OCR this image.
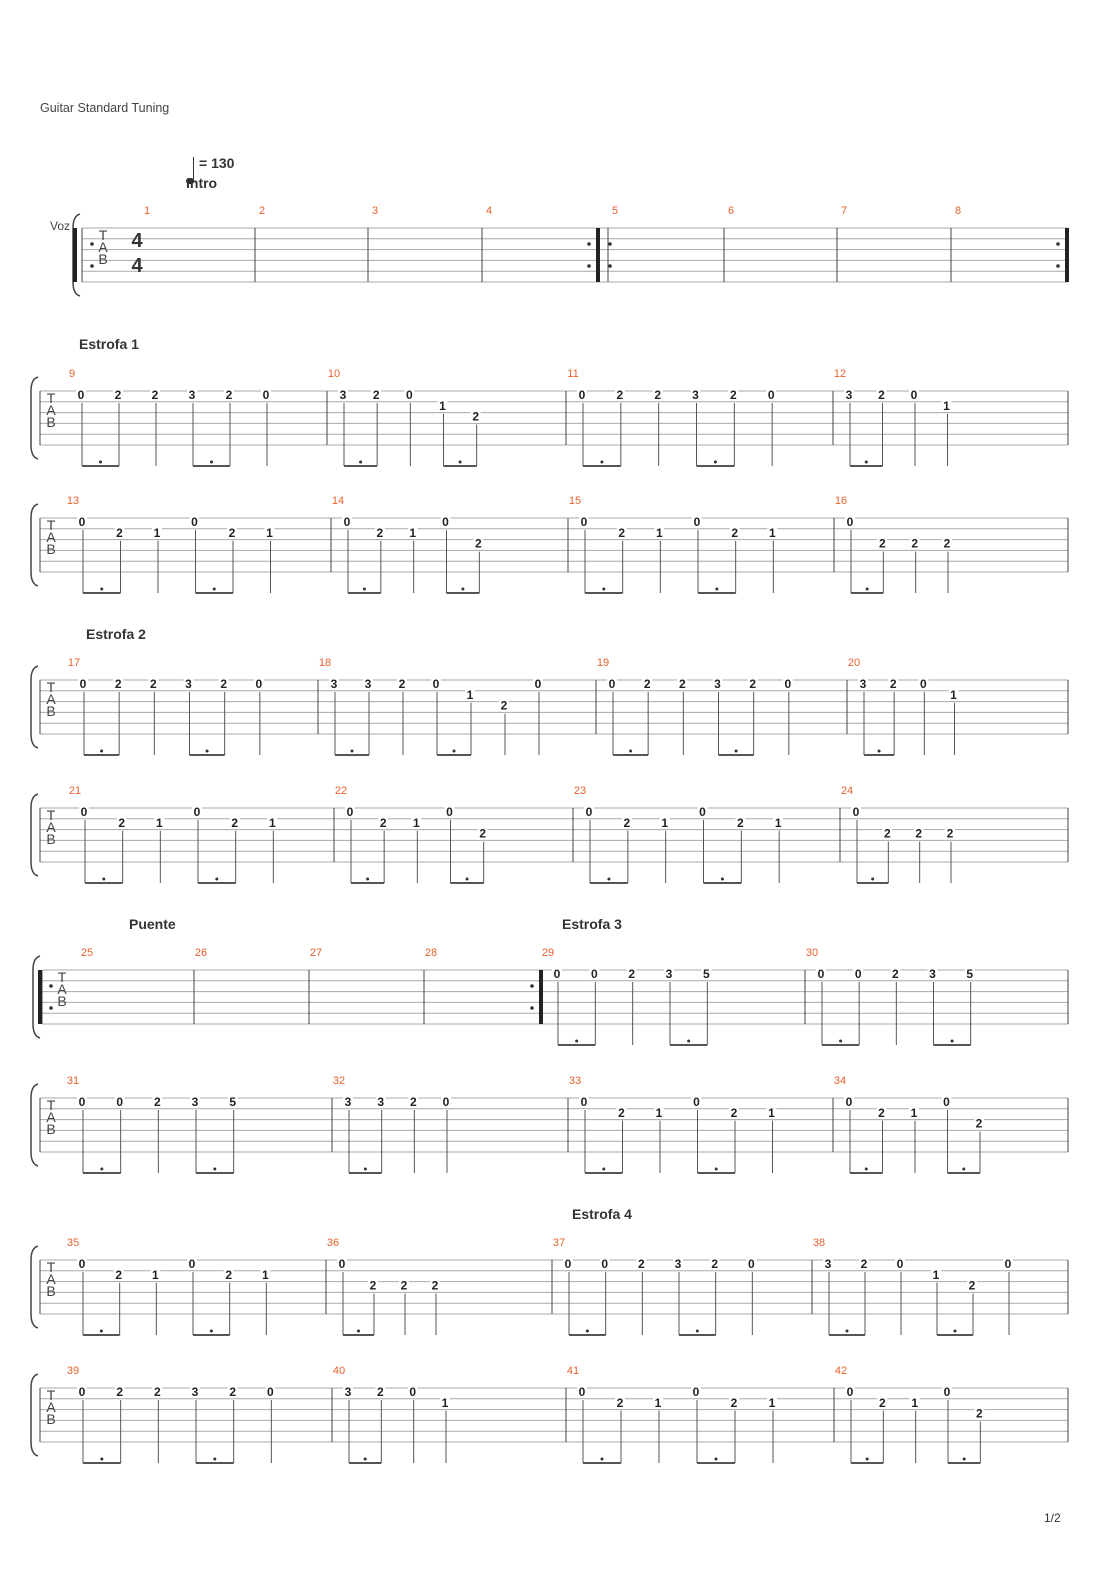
Guitar Standard Tuning
= 130
Voz
Intro
Estrofa 1
Estrofa 2
Puente	Estrofa 3
Estrofa 4
T
A
B
1	2	3	4	5	6	7	8
4
4
T
A
B
9
0	2	2	3	2	0
10
3 2 0
1
2
11
0	2	2	3	2	0
12
3 2 0
1
T
A
B
13
0
2	1
0
2	1
14
0
2 1
0
2
15
0
2	1
0
2	1
16
0
2 2 2
T
A
B
17
0 2 2 3 2 0
18
3 3 2 0
1
2
0
19
0 2 2 3 2 0
20
3 2 0
1
T
A
B
21
0
2	1
0
2	1
22
0
2 1
0
2
23
0
2	1
0
2	1
24
0
2 2 2
T
A
B
25	26	27	28	29
0	0	2	3	5
30
0	0	2	3	5
T
A
B
31
0	0	2	3	5
32
3 3 2 0
33
0
2	1
0
2	1
34
0
2 1
0
2
T
A
B
35
0
2 1
0
2 1
36
0
2 2 2
37
0 0 2 3 2 0
38
3 2 0
1
2
0
T
A
B
39
0	2	2	3	2	0
40
3 2 0
1
41
0
2	1
0
2	1
42
0
2 1
0
2
1/2
